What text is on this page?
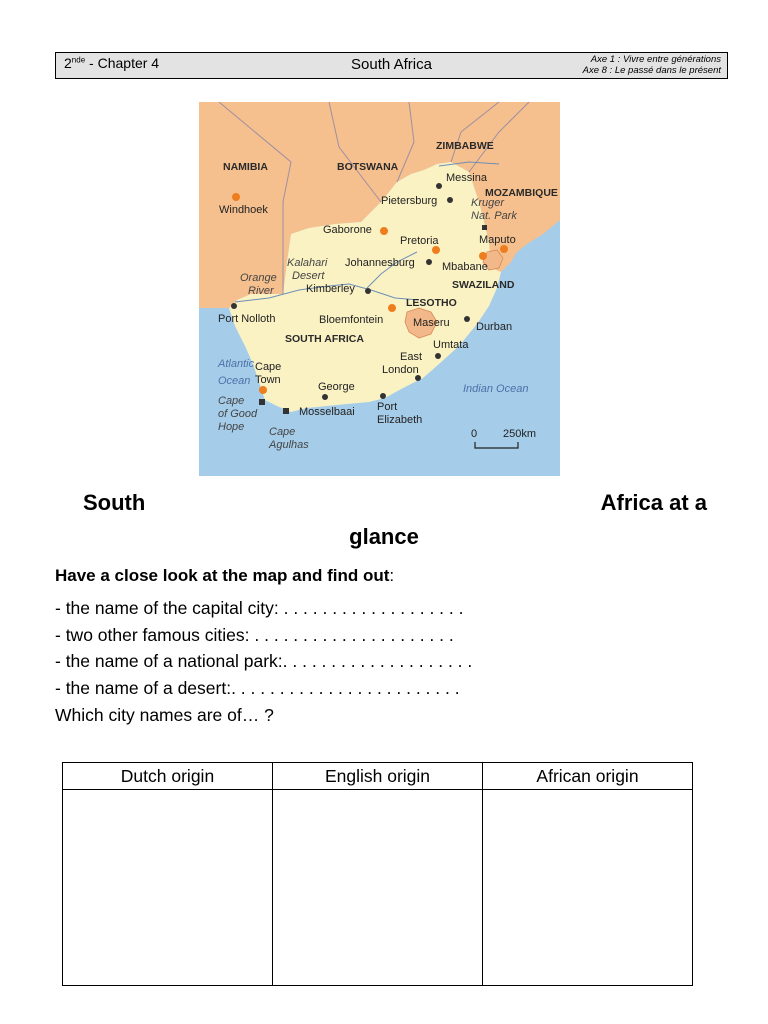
2nde - Chapter 4	South Africa	Axe 1 : Vivre entre générations
Axe 8 : Le passé dans le présent
NAMIBIA	BOTSWANA
ZIMBABWE
MOZAMBIQUE
SWAZILAND
LESOTHO
SOUTH AFRICA
Windhoek
Gaborone
Pietersburg
Messina
Pretoria	Maputo
Johannesburg Mbabane
Kimberley
Port Nolloth	Bloemfontein	Maseru Durban
Umtata
East
London
Cape
Town
George
Mosselbaai Port
Elizabeth
Kruger
Nat. Park
Kalahari
Desert
Orange
River
Atlantic
Ocean
Indian Ocean
Cape
of Good
Hope Cape
Agulhas
0 250km
South	Africa at a
glance
Have a close look at the map and find out:
- the name of the capital city: . . . . . . . . . . . . . . . . . . .
- two other famous cities: . . . . . . . . . . . . . . . . . . . . .
- the name of a national park:. . . . . . . . . . . . . . . . . . . .
- the name of a desert:. . . . . . . . . . . . . . . . . . . . . . . .
Which city names are of… ?
Dutch origin	English origin	African origin
